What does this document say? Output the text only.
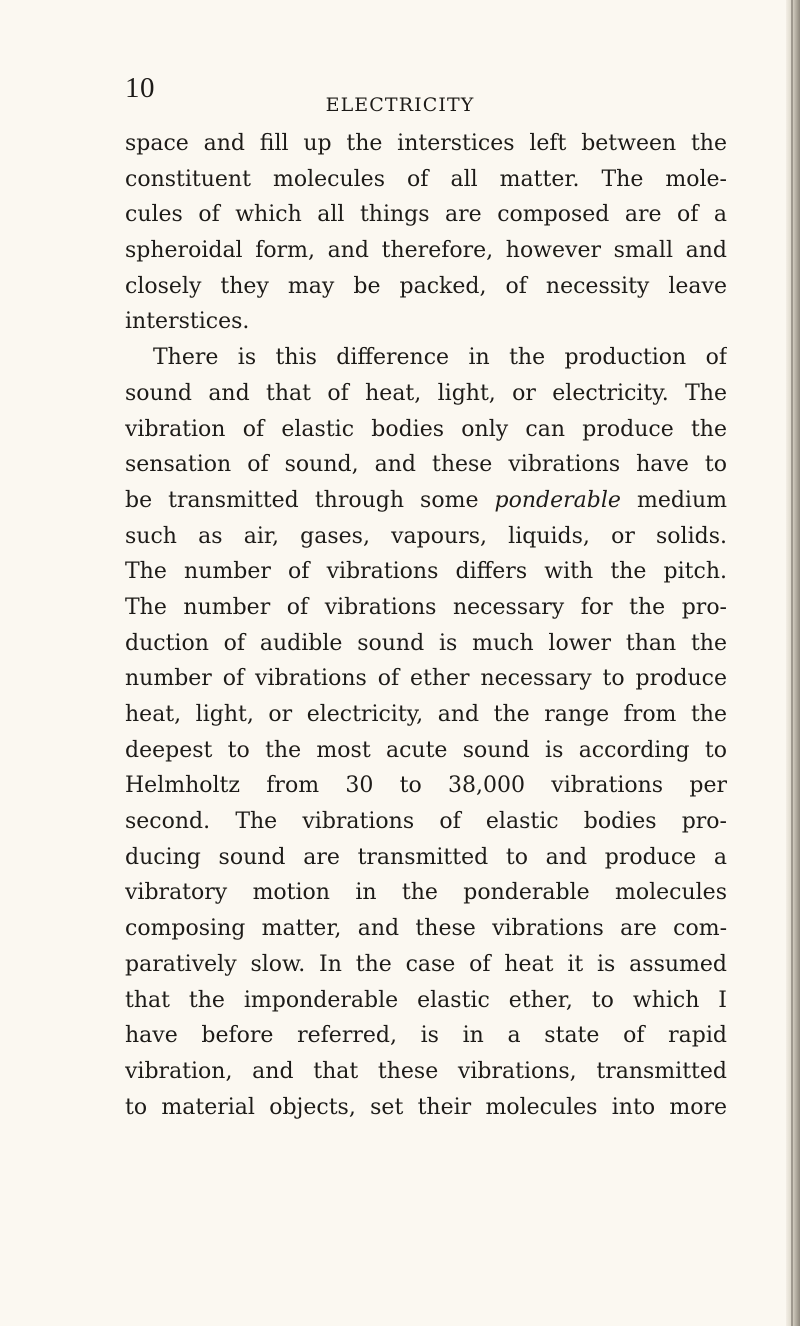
10
ELECTRICITY
space and fill up the interstices left between the
constituent molecules of all matter. The mole-
cules of which all things are composed are of a
spheroidal form, and therefore, however small and
closely they may be packed, of necessity leave
interstices.
There is this difference in the production of
sound and that of heat, light, or electricity. The
vibration of elastic bodies only can produce the
sensation of sound, and these vibrations have to
be transmitted through some ponderable medium
such as air, gases, vapours, liquids, or solids.
The number of vibrations differs with the pitch.
The number of vibrations necessary for the pro-
duction of audible sound is much lower than the
number of vibrations of ether necessary to produce
heat, light, or electricity, and the range from the
deepest to the most acute sound is according to
Helmholtz from 30 to 38,000 vibrations per
second. The vibrations of elastic bodies pro-
ducing sound are transmitted to and produce a
vibratory motion in the ponderable molecules
composing matter, and these vibrations are com-
paratively slow. In the case of heat it is assumed
that the imponderable elastic ether, to which I
have before referred, is in a state of rapid
vibration, and that these vibrations, transmitted
to material objects, set their molecules into more
